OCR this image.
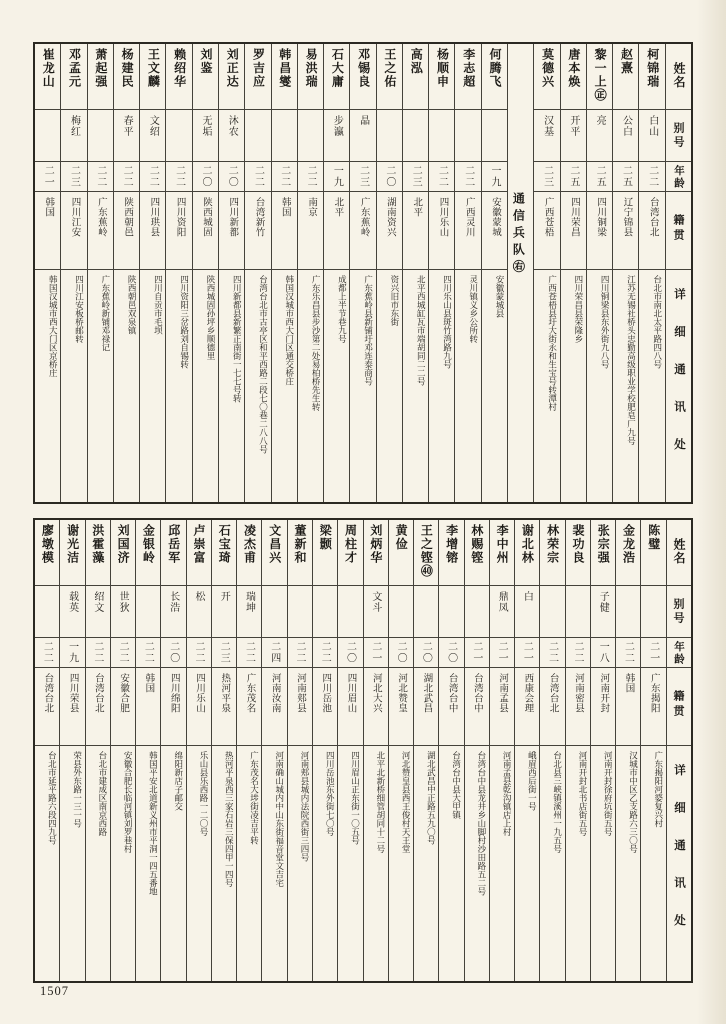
姓名
别号
年龄
籍贯
详细通讯处
柯锦瑞
白山
二二
台湾台北
台北市南北太平路四八号
赵熹
公白
二五
辽宁锦县
江苏无锡社桥头忠勤高级职业学校肥皂厂九号
黎一上㊣
亮
二五
四川铜梁
四川铜梁县东外街九八号
唐本焕
开平
二五
四川荣昌
四川荣昌县荣隆乡
莫德兴
汉基
二三
广西苍梧
广西苍梧县圩大街永和生宝号转潭村
通信兵队㊨
何腾飞
一九
安徽蒙城
安徽蒙城县
李志超
二二
广西灵川
灵川镇义乡公所转
杨顺申
二二
四川乐山
四川乐山县斑竹湾路九号
高泓
二三
北平
北平西城缸瓦市端胡同二二号
王之佑
二〇
湖南资兴
资兴旧市东街
邓锡良
晶
二三
广东蕉岭
广东蕉岭县新铺圩邓连泰商号
石大庸
步瀛
一九
北平
成都上半节巷九号
易洪瑞
二二
南京
广东乐昌县步沙第二处易柏桥先生转
韩昌燮
二二
韩国
韩国汉城市西大门区通交桥庄
罗吉应
二二
台湾新竹
台湾台北市古亭区和平西路二段七〇巷二八八号
刘正达
沐农
二〇
四川新都
四川新都县新繁正南街一七七号转
刘鉴
无垢
二〇
陕西城固
陕西城固孙坪乡顺德里
赖绍华
二二
四川资阳
四川资阳三岔路刘自锡转
王文麟
文绍
二二
四川珙县
四川自贡市毛坝
杨建民
春平
二二
陕西朝邑
陕西朝邑双泉镇
萧起强
二二
广东蕉岭
广东蕉岭新铺邓禄记
邓孟元
梅红
二三
四川江安
四川江安板桥邮转
崔龙山
二一
韩国
韩国汉城市西大门区京桥庄
姓名
别号
年龄
籍贯
详细通讯处
陈璧
二一
广东揭阳
广东揭阳河婆复兴村
金龙浩
二二
韩国
汉城市中区乙支路六三〇号
张宗强
子健
一八
河南开封
河南开封徐府坑街五号
裴功良
二二
河南密县
河南开封北书店街五号
林荣宗
二二
台湾台北
台北县三峡镇溪州一九五号
谢北林
白
二一
西康会理
峨眉西后街一号
李中州
鼎凤
二一
河南孟县
河南孟县乾沟镇店上村
林赐铿
二一
台湾台中
台湾台中县龙井乡山脚村沙田路五二号
李增镕
二〇
台湾台中
台湾台中县大甲镇
王之铿㊵
二〇
湖北武昌
湖北武昌中正路五九〇号
黄俭
二〇
河北赞皇
河北赞皇县西王俊村天王堂
刘炳华
文斗
二一
河北大兴
北平北新桥细管胡同十二号
周柱才
二〇
四川眉山
四川眉山正东街一〇五号
梁颢
二二
四川岳池
四川岳池东外街七〇号
董新和
二二
河南郏县
河南郏县城内法院西街三四号
文昌兴
二四
河南汝南
河南确山城内中山东街福音堂文吉宅
凌杰甫
瑞坤
二二
广东茂名
广东茂名大埗街凌吉平转
石宝琦
开
二三
热河平泉
热河平泉西三家石岩三保四甲一四号
卢崇富
松
二二
四川乐山
乐山县乐西路一二〇号
邱岳军
长浩
二〇
四川绵阳
绵阳新店子邮交
金银岭
二二
韩国
韩国平安北道新义州市平洞一四五番地
刘国济
世狄
二二
安徽合肥
安徽合肥长临河镇刘罗巷村
洪霍藻
绍文
二二
台湾台北
台北市建成区南京西路
谢光洁
载英
一九
四川荣县
荣县外东路一三一号
廖墩模
二二
台湾台北
台北市延平路六段四九号
1507
